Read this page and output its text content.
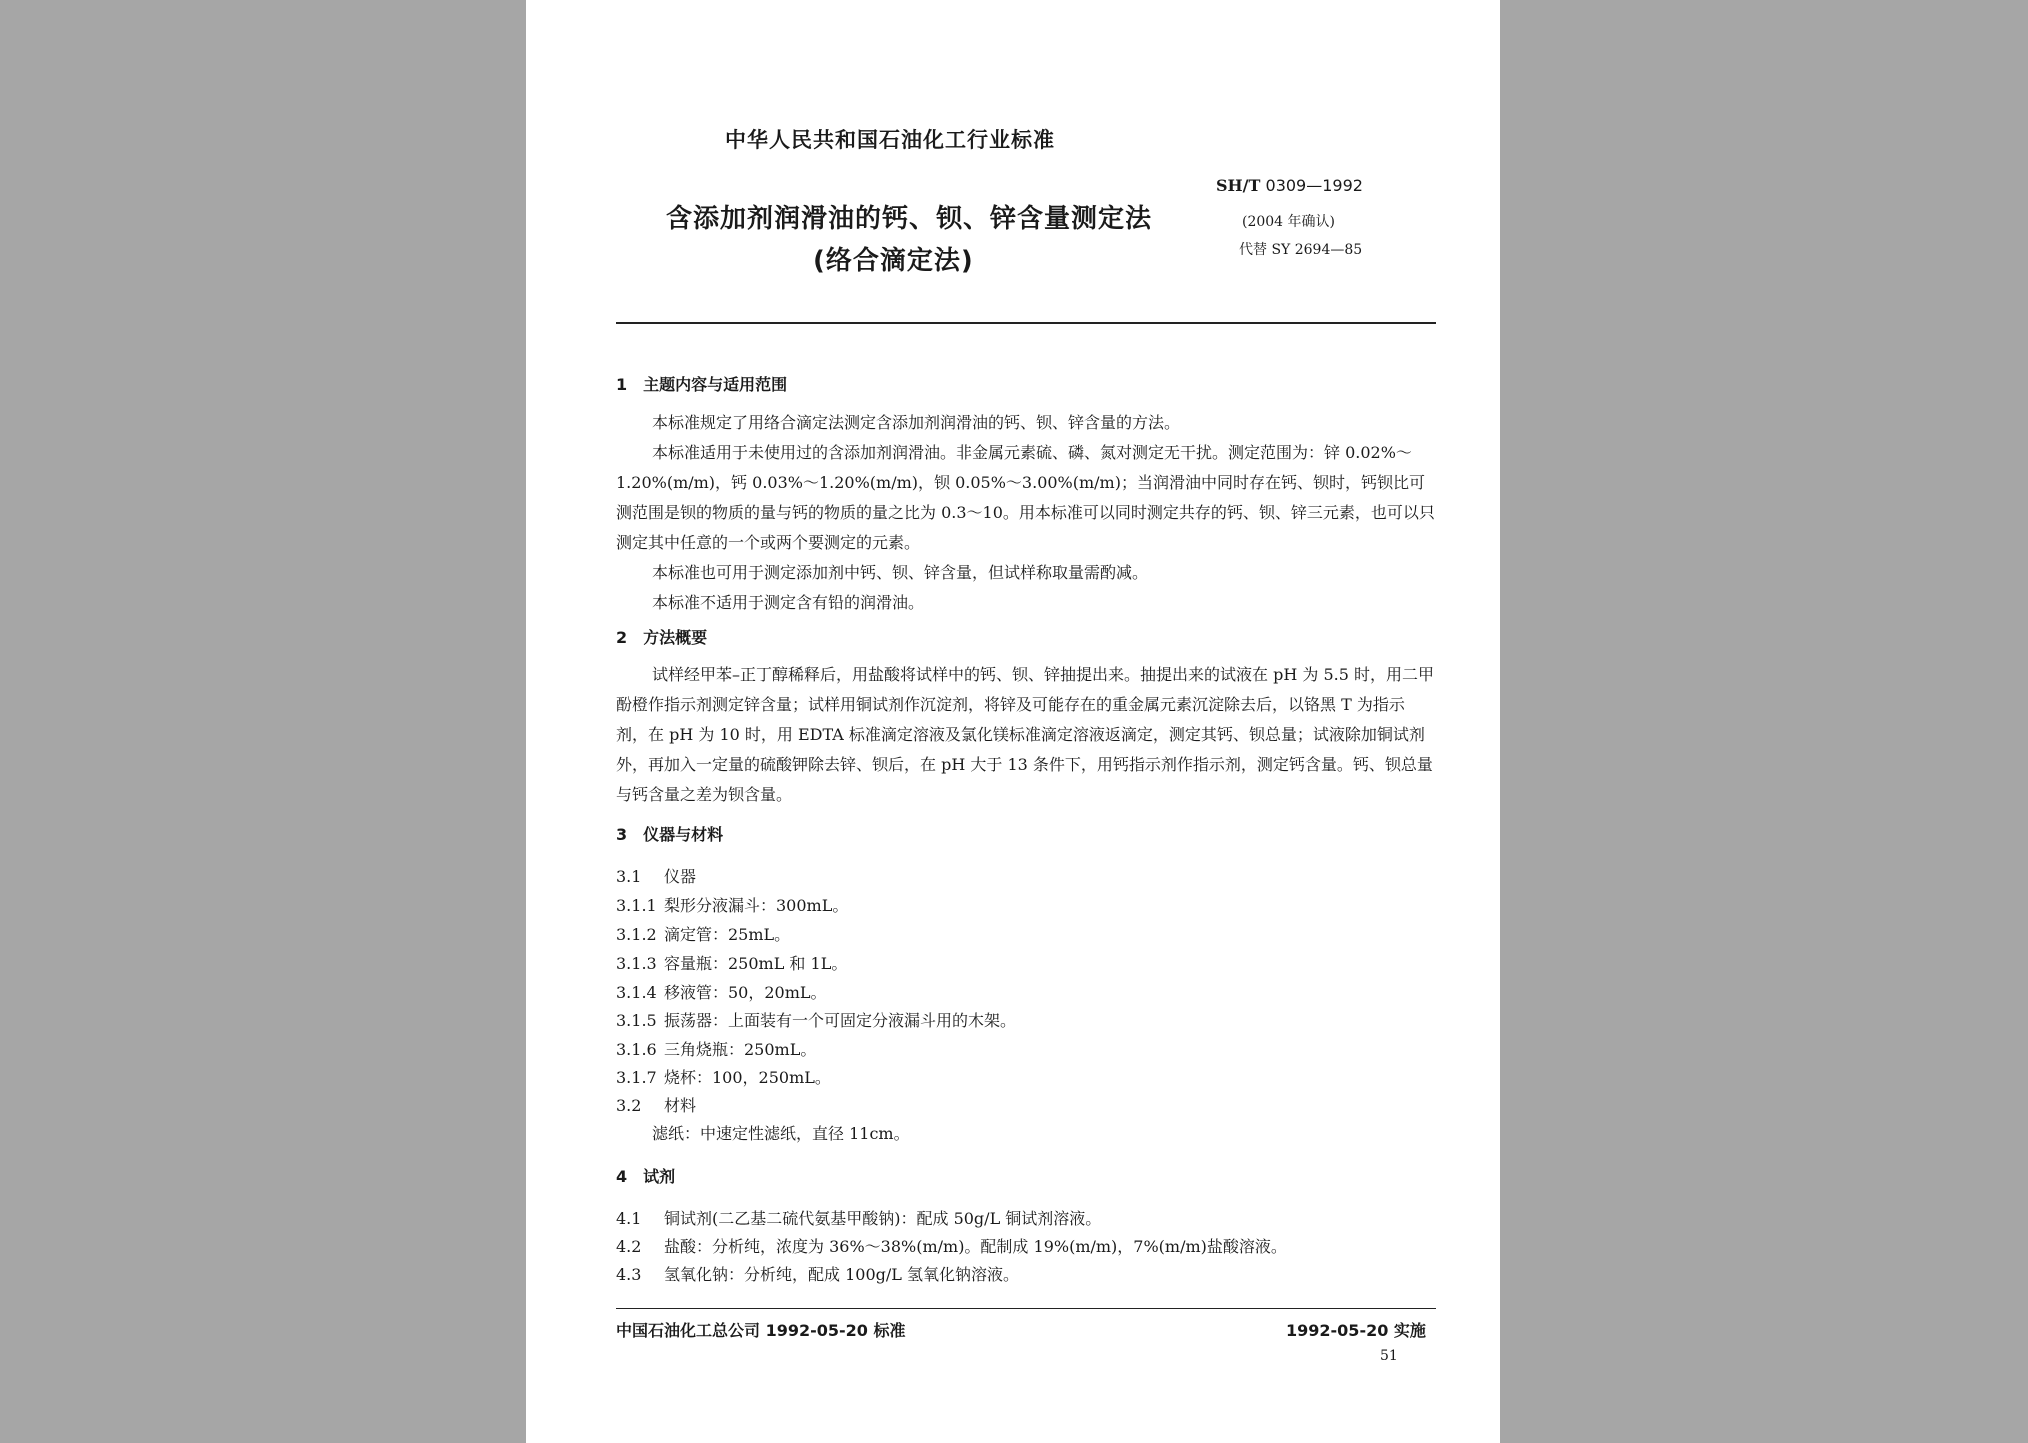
中华人民共和国石油化工行业标准
SH/T 0309—1992
(2004 年确认)
代替 SY 2694—85
含添加剂润滑油的钙、钡、锌含量测定法
(络合滴定法)
1　主题内容与适用范围

本标准规定了用络合滴定法测定含添加剂润滑油的钙、钡、锌含量的方法。

本标准适用于未使用过的含添加剂润滑油。非金属元素硫、磷、氮对测定无干扰。测定范围为：锌 0.02%～1.20%(m/m)，钙 0.03%～1.20%(m/m)，钡 0.05%～3.00%(m/m)；当润滑油中同时存在钙、钡时，钙钡比可测范围是钡的物质的量与钙的物质的量之比为 0.3～10。用本标准可以同时测定共存的钙、钡、锌三元素，也可以只测定其中任意的一个或两个要测定的元素。

本标准也可用于测定添加剂中钙、钡、锌含量，但试样称取量需酌减。

本标准不适用于测定含有铅的润滑油。

2　方法概要

试样经甲苯–正丁醇稀释后，用盐酸将试样中的钙、钡、锌抽提出来。抽提出来的试液在 pH 为 5.5 时，用二甲酚橙作指示剂测定锌含量；试样用铜试剂作沉淀剂，将锌及可能存在的重金属元素沉淀除去后，以铬黑 T 为指示剂，在 pH 为 10 时，用 EDTA 标准滴定溶液及氯化镁标准滴定溶液返滴定，测定其钙、钡总量；试液除加铜试剂外，再加入一定量的硫酸钾除去锌、钡后，在 pH 大于 13 条件下，用钙指示剂作指示剂，测定钙含量。钙、钡总量与钙含量之差为钡含量。

3　仪器与材料
3.1 仪器
3.1.1 梨形分液漏斗：300mL。
3.1.2 滴定管：25mL。
3.1.3 容量瓶：250mL 和 1L。
3.1.4 移液管：50，20mL。
3.1.5 振荡器：上面装有一个可固定分液漏斗用的木架。
3.1.6 三角烧瓶：250mL。
3.1.7 烧杯：100，250mL。
3.2 材料
滤纸：中速定性滤纸，直径 11cm。
4　试剂
4.1 铜试剂(二乙基二硫代氨基甲酸钠)：配成 50g/L 铜试剂溶液。
4.2 盐酸：分析纯，浓度为 36%～38%(m/m)。配制成 19%(m/m)，7%(m/m)盐酸溶液。
4.3 氢氧化钠：分析纯，配成 100g/L 氢氧化钠溶液。
中国石油化工总公司 1992-05-20 标准	1992-05-20 实施
51
